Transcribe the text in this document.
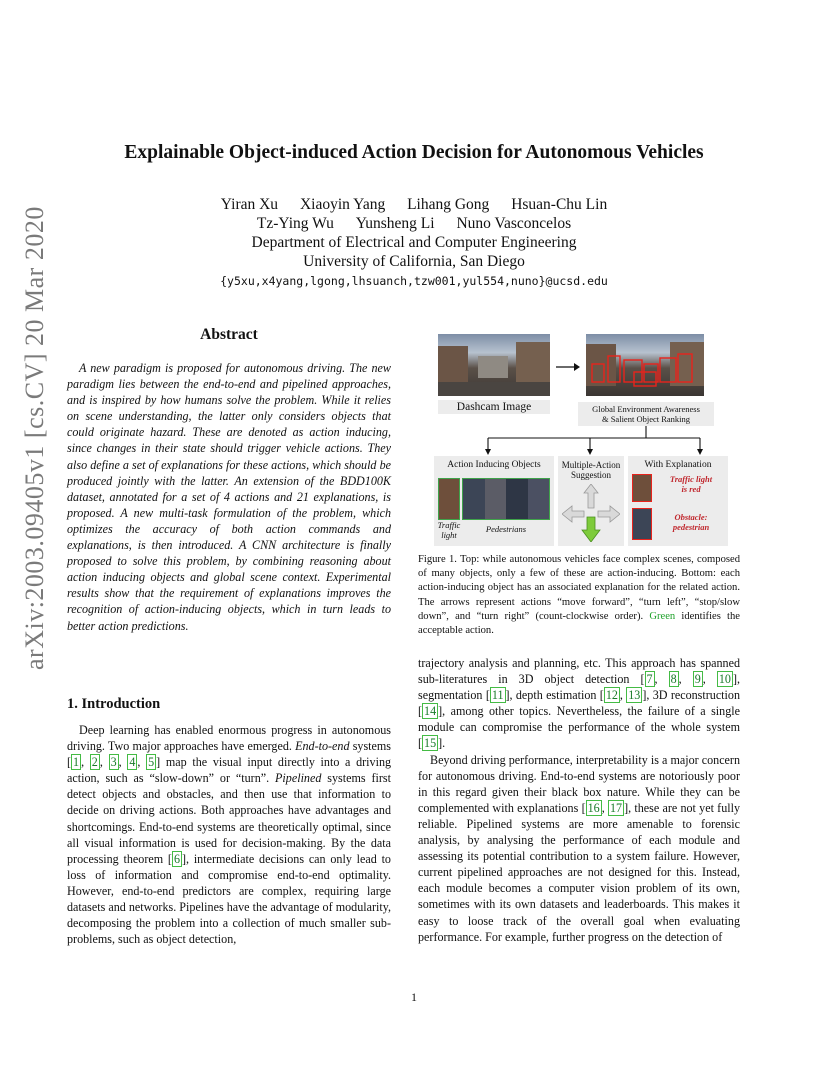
arXiv:2003.09405v1 [cs.CV] 20 Mar 2020
Explainable Object-induced Action Decision for Autonomous Vehicles
Yiran Xu Xiaoyin Yang Lihang Gong Hsuan-Chu Lin
Tz-Ying Wu Yunsheng Li Nuno Vasconcelos
Department of Electrical and Computer Engineering
University of California, San Diego
{y5xu,x4yang,lgong,lhsuanch,tzw001,yul554,nuno}@ucsd.edu
Abstract
A new paradigm is proposed for autonomous driving. The new paradigm lies between the end-to-end and pipelined approaches, and is inspired by how humans solve the problem. While it relies on scene understanding, the latter only considers objects that could originate hazard. These are denoted as action inducing, since changes in their state should trigger vehicle actions. They also define a set of explanations for these actions, which should be produced jointly with the latter. An extension of the BDD100K dataset, annotated for a set of 4 actions and 21 explanations, is proposed. A new multi-task formulation of the problem, which optimizes the accuracy of both action commands and explanations, is then introduced. A CNN architecture is finally proposed to solve this problem, by combining reasoning about action inducing objects and global scene context. Experimental results show that the requirement of explanations improves the recognition of action-inducing objects, which in turn leads to better action predictions.
1. Introduction

Deep learning has enabled enormous progress in autonomous driving. Two major approaches have emerged. End-to-end systems [ 1 , 2 , 3 , 4 , 5 ] map the visual input directly into a driving action, such as “slow-down” or “turn”. Pipelined systems first detect objects and obstacles, and then use that information to decide on driving actions. Both approaches have advantages and shortcomings. End-to-end systems are theoretically optimal, since all visual information is used for decision-making. By the data processing theorem [ 6 ], intermediate decisions can only lead to loss of information and compromise end-to-end optimality. However, end-to-end predictors are complex, requiring large datasets and networks. Pipelines have the advantage of modularity, decomposing the problem into a collection of much smaller sub-problems, such as object detection,

Dashcam Image	Global Environment Awareness
& Salient Object Ranking
Action Inducing Objects
Traffic
light
Pedestrians
Multiple-Action
Suggestion
With Explanation
Traffic light
is red
Obstacle:
pedestrian
Figure 1. Top: while autonomous vehicles face complex scenes, composed of many objects, only a few of these are action-inducing. Bottom: each action-inducing object has an associated explanation for the related action. The arrows represent actions “move forward”, “turn left”, “stop/slow down”, and “turn right” (count-clockwise order). Green identifies the acceptable action.

trajectory analysis and planning, etc. This approach has spanned sub-literatures in 3D object detection [ 7 , 8 , 9 , 10 ], segmentation [ 11 ], depth estimation [ 12 , 13 ], 3D reconstruction [ 14 ], among other topics. Nevertheless, the failure of a single module can compromise the performance of the whole system [ 15 ].

Beyond driving performance, interpretability is a major concern for autonomous driving. End-to-end systems are notoriously poor in this regard given their black box nature. While they can be complemented with explanations [ 16 , 17 ], these are not yet fully reliable. Pipelined systems are more amenable to forensic analysis, by analysing the performance of each module and assessing its potential contribution to a system failure. However, current pipelined approaches are not designed for this. Instead, each module becomes a computer vision problem of its own, sometimes with its own datasets and leaderboards. This makes it easy to loose track of the overall goal when evaluating performance. For example, further progress on the detection of

1
